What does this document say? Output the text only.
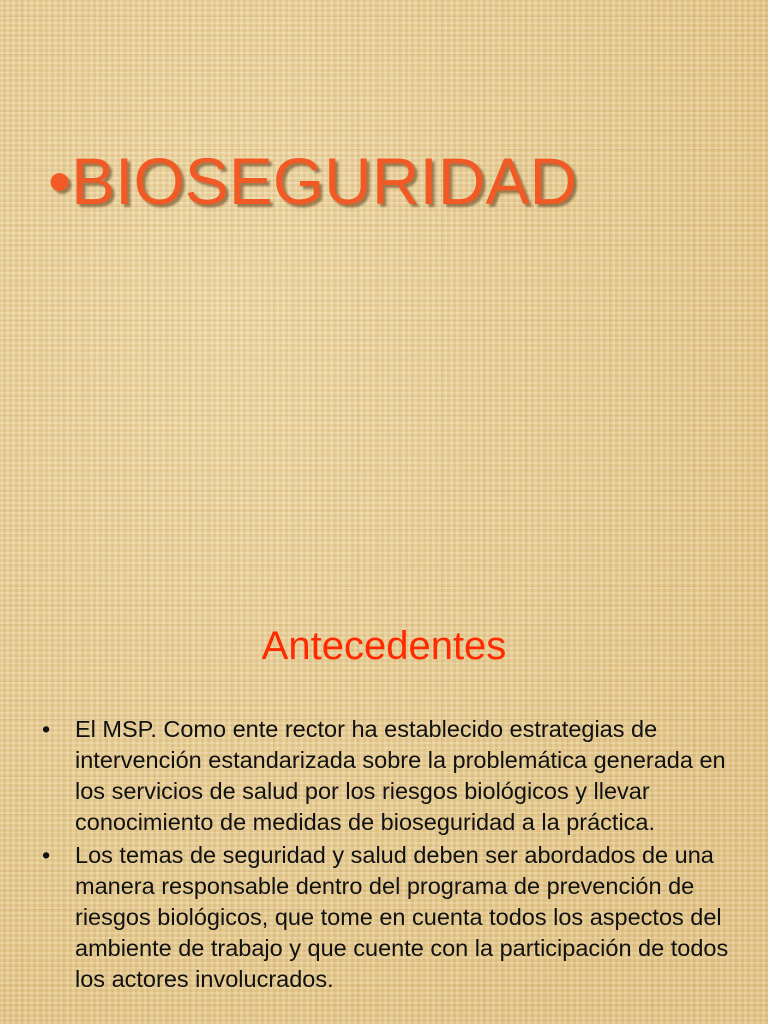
•BIOSEGURIDAD
Antecedentes
• El MSP. Como ente rector ha establecido estrategias de intervención estandarizada sobre la problemática generada en los servicios de salud por los riesgos biológicos y llevar conocimiento de medidas de bioseguridad a la práctica.
• Los temas de seguridad y salud deben ser abordados de una manera responsable dentro del programa de prevención de riesgos biológicos, que tome en cuenta todos los aspectos del ambiente de trabajo y que cuente con la participación de todos los actores involucrados.
